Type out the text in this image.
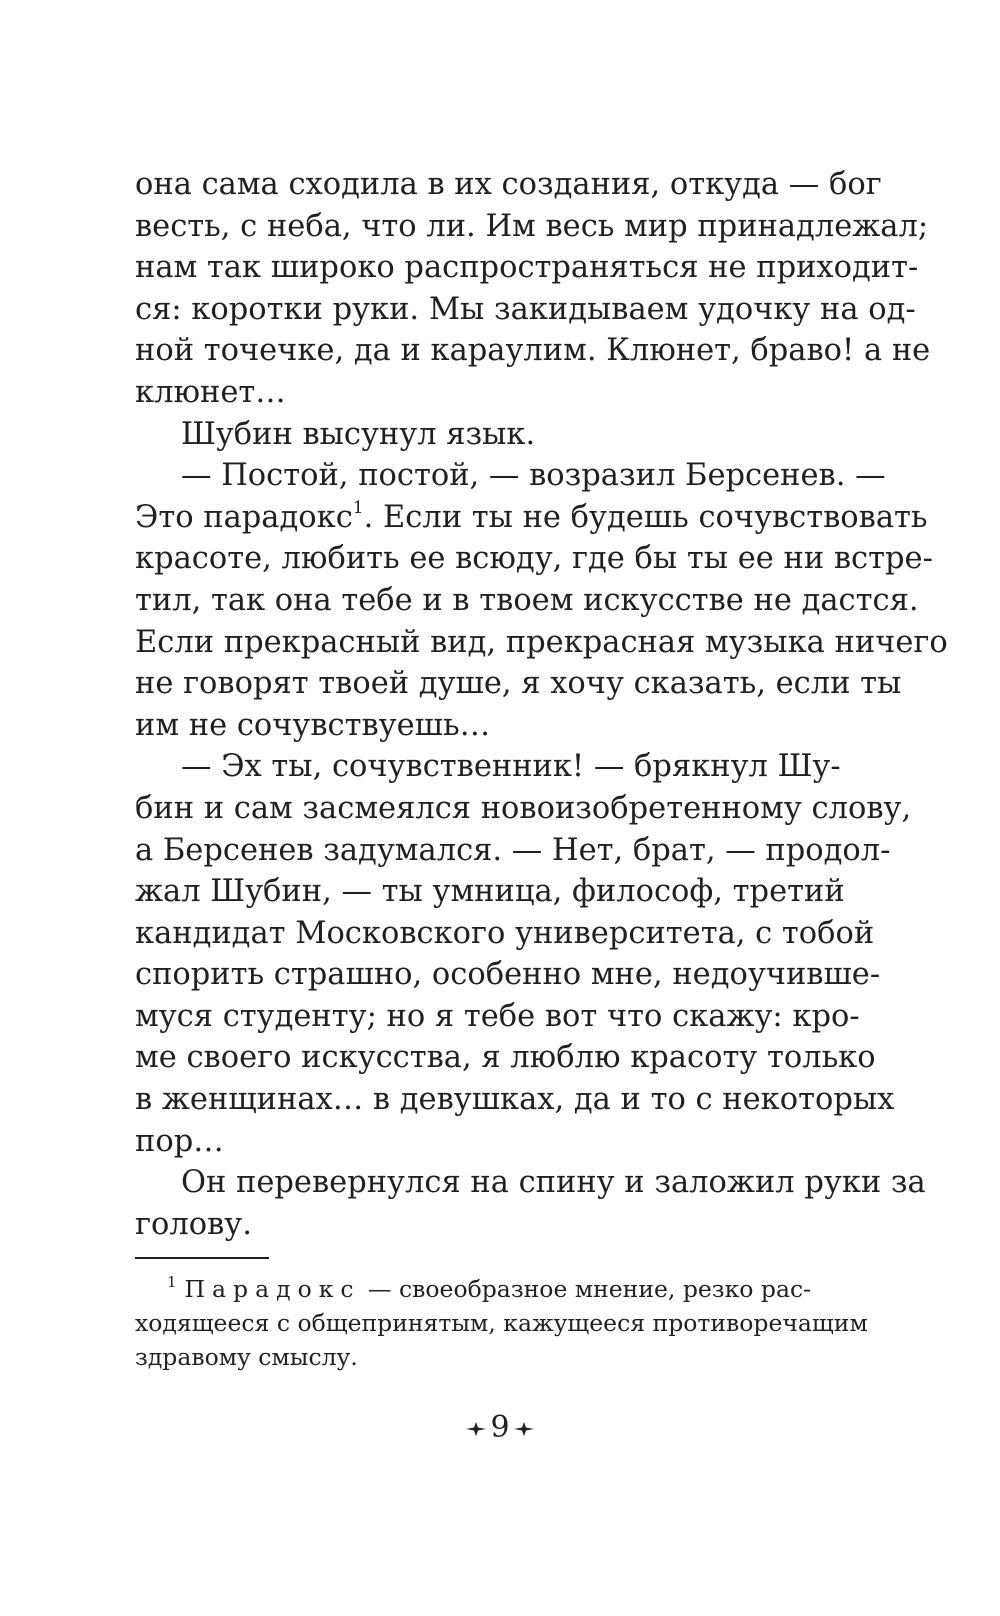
она сама сходила в их создания, откуда — бог
весть, с неба, что ли. Им весь мир принадлежал;
нам так широко распространяться не приходит-
ся: коротки руки. Мы закидываем удочку на од-
ной точечке, да и караулим. Клюнет, браво! а не
клюнет…
Шубин высунул язык.
— Постой, постой, — возразил Берсенев. —
Это парадокс$^1$. Если ты не будешь сочувствовать
красоте, любить ее всюду, где бы ты ее ни встре-
тил, так она тебе и в твоем искусстве не дастся.
Если прекрасный вид, прекрасная музыка ничего
не говорят твоей душе, я хочу сказать, если ты
им не сочувствуешь…
— Эх ты, сочувственник! — брякнул Шу-
бин и сам засмеялся новоизобретенному слову,
а Берсенев задумался. — Нет, брат, — продол-
жал Шубин, — ты умница, философ, третий
кандидат Московского университета, с тобой
спорить страшно, особенно мне, недоучивше-
муся студенту; но я тебе вот что скажу: кро-
ме своего искусства, я люблю красоту только
в женщинах… в девушках, да и то с некоторых
пор…
Он перевернулся на спину и заложил руки за
голову.
$^1$ Парадокс — своеобразное мнение, резко рас-
ходящееся с общепринятым, кажущееся противоречащим
здравому смыслу.
9
